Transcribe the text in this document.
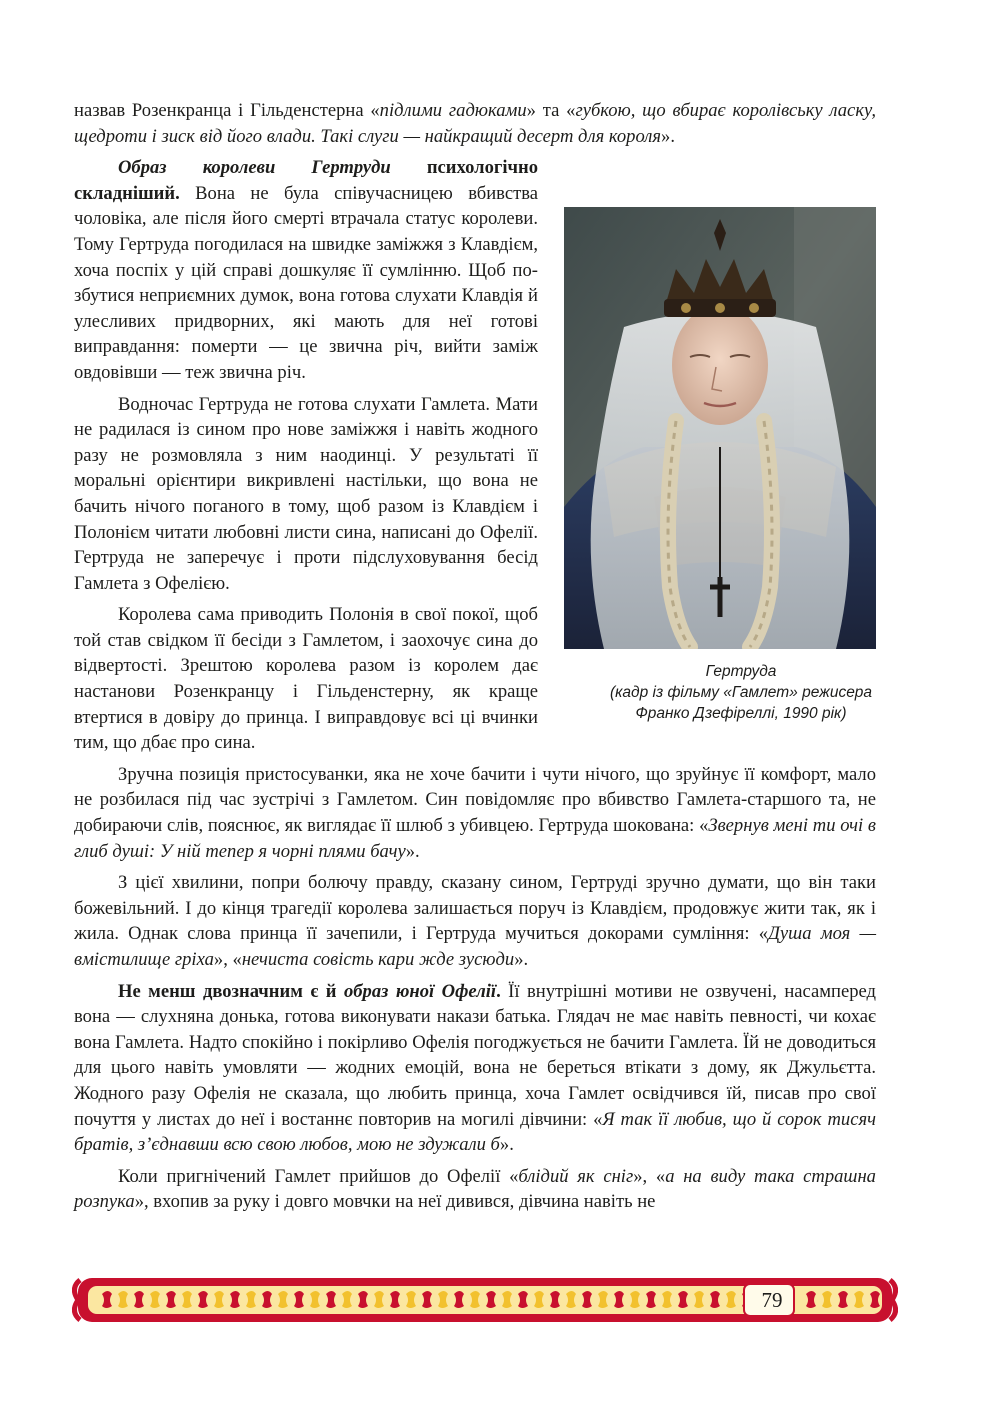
назвав Розенкранца і Гільденстерна «підлими гадюками» та «губкою, що вбирає королівську ласку, щедроти і зиск від його влади. Такі слуги — найкращий десерт для короля».

Гертруда
(кадр із фільму «Гамлет» режисера
Франко Дзефіреллі, 1990 рік)
Образ королеви Гертруди психологічно складніший. Вона не була співучасницею вбивства чоловіка, але після його смерті втрачала статус королеви. Тому Гертруда погодилася на швидке заміжжя з Клавдієм, хоча поспіх у цій справі дошкуляє її сумлінню. Щоб позбутися неприємних думок, вона готова слухати Клавдія й улесливих придворних, які мають для неї готові виправдання: померти — це звична річ, вийти заміж овдовівши — теж звична річ.

Водночас Гертруда не готова слухати Гамлета. Мати не радилася із сином про нове заміжжя і навіть жодного разу не розмовляла з ним наодинці. У результаті її моральні орієнтири викривлені настільки, що вона не бачить нічого поганого в тому, щоб разом із Клавдієм і Полонієм читати любовні листи сина, написані до Офелії. Гертруда не заперечує і проти підслуховування бесід Гамлета з Офелією.

Королева сама приводить Полонія в свої покої, щоб той став свідком її бесіди з Гамлетом, і заохочує сина до відвертості. Зрештою королева разом із королем дає настанови Розенкранцу і Гільденстерну, як краще втертися в довіру до принца. І виправдовує всі ці вчинки тим, що дбає про сина.

Зручна позиція пристосуванки, яка не хоче бачити і чути нічого, що зруйнує її комфорт, мало не розбилася під час зустрічі з Гамлетом. Син повідомляє про вбивство Гамлета-старшого та, не добираючи слів, пояснює, як виглядає її шлюб з убивцею. Гертруда шокована: «Звернув мені ти очі в глиб душі: У ній тепер я чорні плями бачу».

З цієї хвилини, попри болючу правду, сказану сином, Гертруді зручно думати, що він таки божевільний. І до кінця трагедії королева залишається поруч із Клавдієм, продовжує жити так, як і жила. Однак слова принца її зачепили, і Гертруда мучиться докорами сумління: «Душа моя — вмістилище гріха», «нечиста совість кари жде зусюди».

Не менш двозначним є й образ юної Офелії. Її внутрішні мотиви не озвучені, насамперед вона — слухняна донька, готова виконувати накази батька. Глядач не має навіть певності, чи кохає вона Гамлета. Надто спокійно і покірливо Офелія погоджується не бачити Гамлета. Їй не доводиться для цього навіть умовляти — жодних емоцій, вона не береться втікати з дому, як Джульєтта. Жодного разу Офелія не сказала, що любить принца, хоча Гамлет освідчився їй, писав про свої почуття у листах до неї і востаннє повторив на могилі дівчини: «Я так її любив, що й сорок тисяч братів, з’єднавши всю свою любов, мою не здужали б».

Коли пригнічений Гамлет прийшов до Офелії «блідий як сніг», «а на виду така страшна розпука», вхопив за руку і довго мовчки на неї дивився, дівчина навіть не

79
